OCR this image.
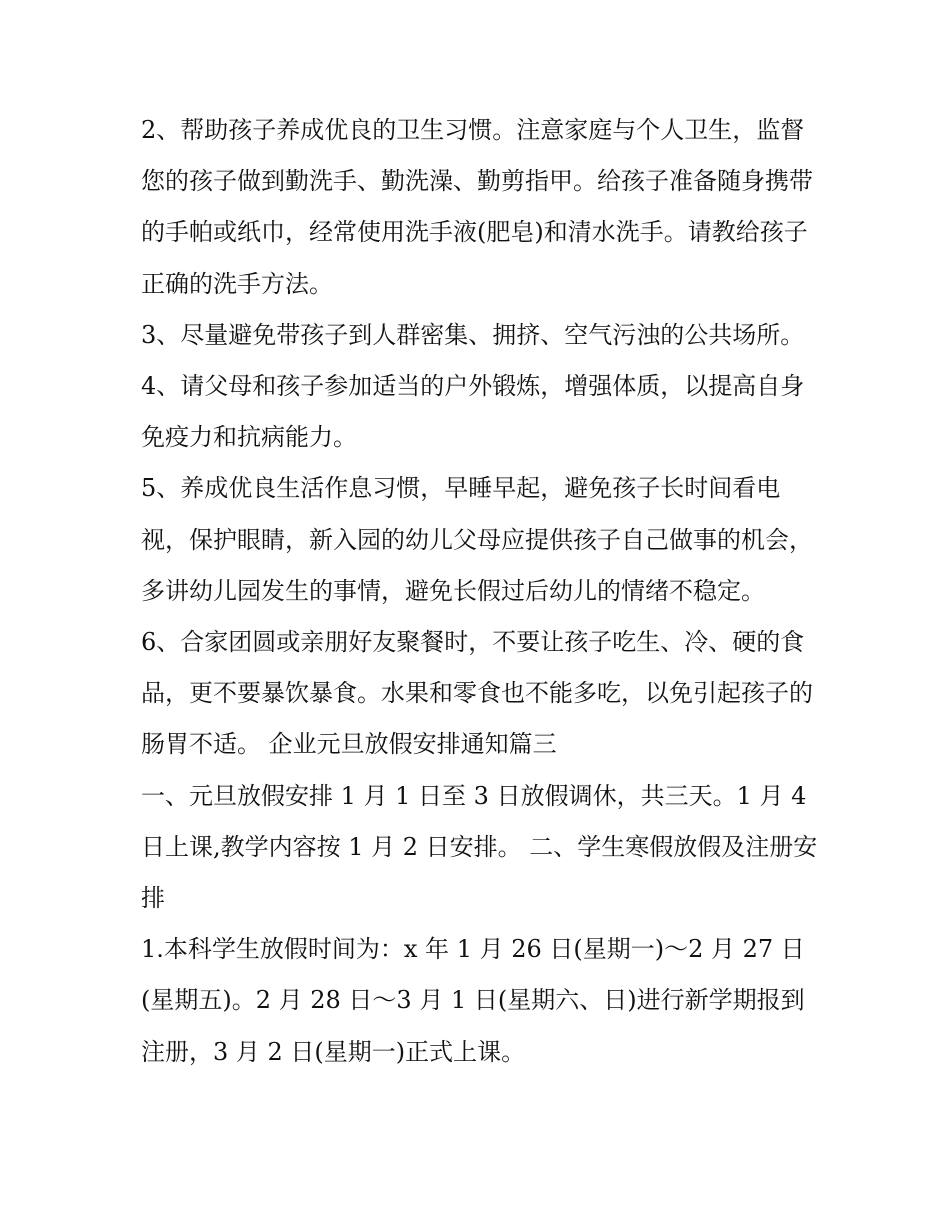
2、帮助孩子养成优良的卫生习惯。注意家庭与个人卫生，监督您的孩子做到勤洗手、勤洗澡、勤剪指甲。给孩子准备随身携带的手帕或纸巾，经常使用洗手液(肥皂)和清水洗手。请教给孩子正确的洗手方法。

3、尽量避免带孩子到人群密集、拥挤、空气污浊的公共场所。 4、请父母和孩子参加适当的户外锻炼，增强体质，以提高自身免疫力和抗病能力。

5、养成优良生活作息习惯，早睡早起，避免孩子长时间看电视，保护眼睛，新入园的幼儿父母应提供孩子自己做事的机会，多讲幼儿园发生的事情，避免长假过后幼儿的情绪不稳定。

6、合家团圆或亲朋好友聚餐时，不要让孩子吃生、冷、硬的食品，更不要暴饮暴食。水果和零食也不能多吃，以免引起孩子的肠胃不适。 企业元旦放假安排通知篇三

一、元旦放假安排 1 月 1 日至 3 日放假调休，共三天。1 月 4 日上课,教学内容按 1 月 2 日安排。 二、学生寒假放假及注册安排

1.本科学生放假时间为：x 年 1 月 26 日(星期一)～2 月 27 日(星期五)。2 月 28 日～3 月 1 日(星期六、日)进行新学期报到注册，3 月 2 日(星期一)正式上课。
